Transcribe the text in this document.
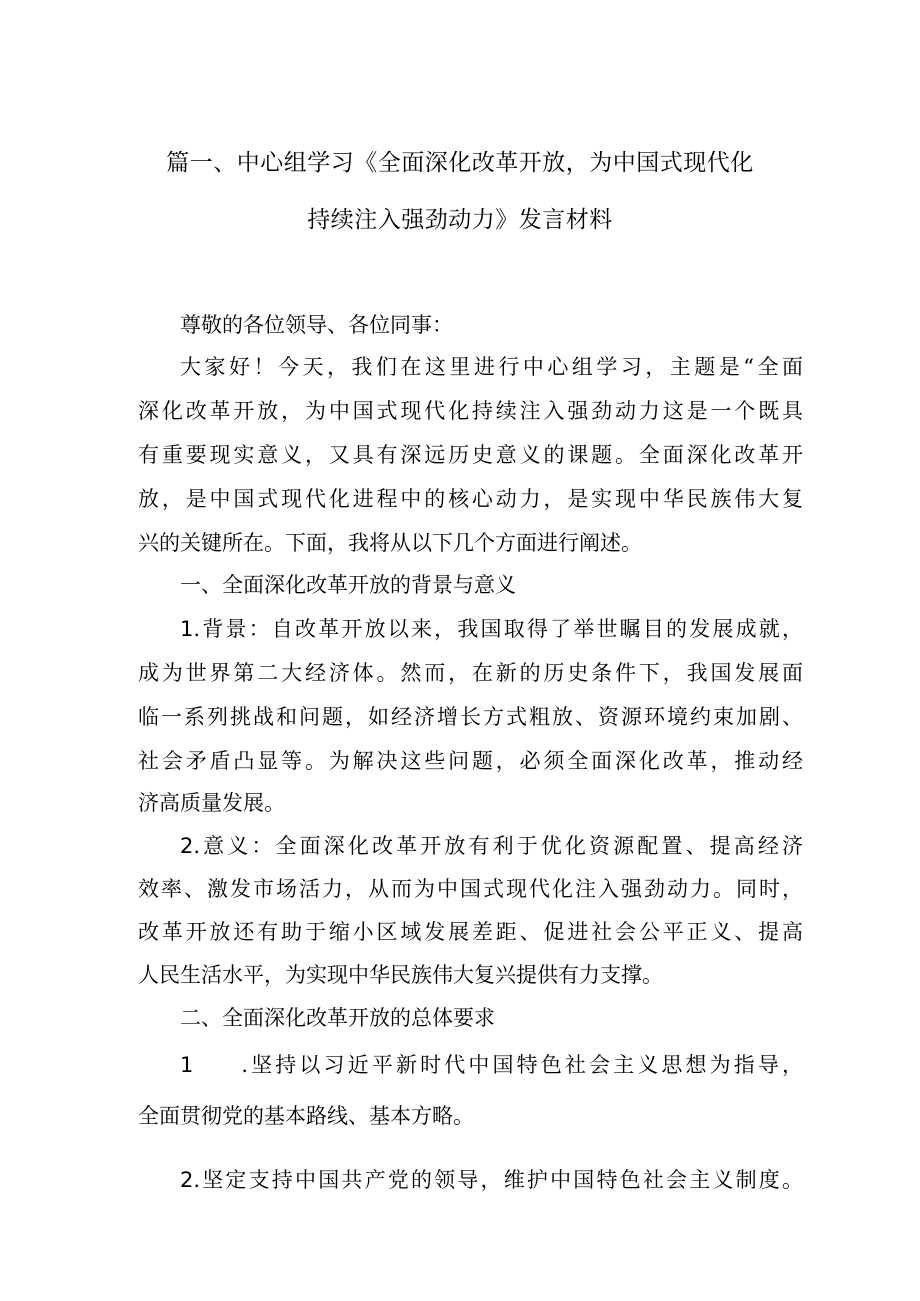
篇一、中心组学习《全面深化改革开放，为中国式现代化
持续注入强劲动力》发言材料
尊敬的各位领导、各位同事：
大家好！今天，我们在这里进行中心组学习，主题是“全面
深化改革开放，为中国式现代化持续注入强劲动力这是一个既具
有重要现实意义，又具有深远历史意义的课题。全面深化改革开
放，是中国式现代化进程中的核心动力，是实现中华民族伟大复
兴的关键所在。下面，我将从以下几个方面进行阐述。
一、全面深化改革开放的背景与意义
1.背景：自改革开放以来，我国取得了举世瞩目的发展成就，
成为世界第二大经济体。然而，在新的历史条件下，我国发展面
临一系列挑战和问题，如经济增长方式粗放、资源环境约束加剧、
社会矛盾凸显等。为解决这些问题，必须全面深化改革，推动经
济高质量发展。
2.意义：全面深化改革开放有利于优化资源配置、提高经济
效率、激发市场活力，从而为中国式现代化注入强劲动力。同时，
改革开放还有助于缩小区域发展差距、促进社会公平正义、提高
人民生活水平，为实现中华民族伟大复兴提供有力支撑。
二、全面深化改革开放的总体要求
1 .坚持以习近平新时代中国特色社会主义思想为指导，
全面贯彻党的基本路线、基本方略。
2.坚定支持中国共产党的领导，维护中国特色社会主义制度。
